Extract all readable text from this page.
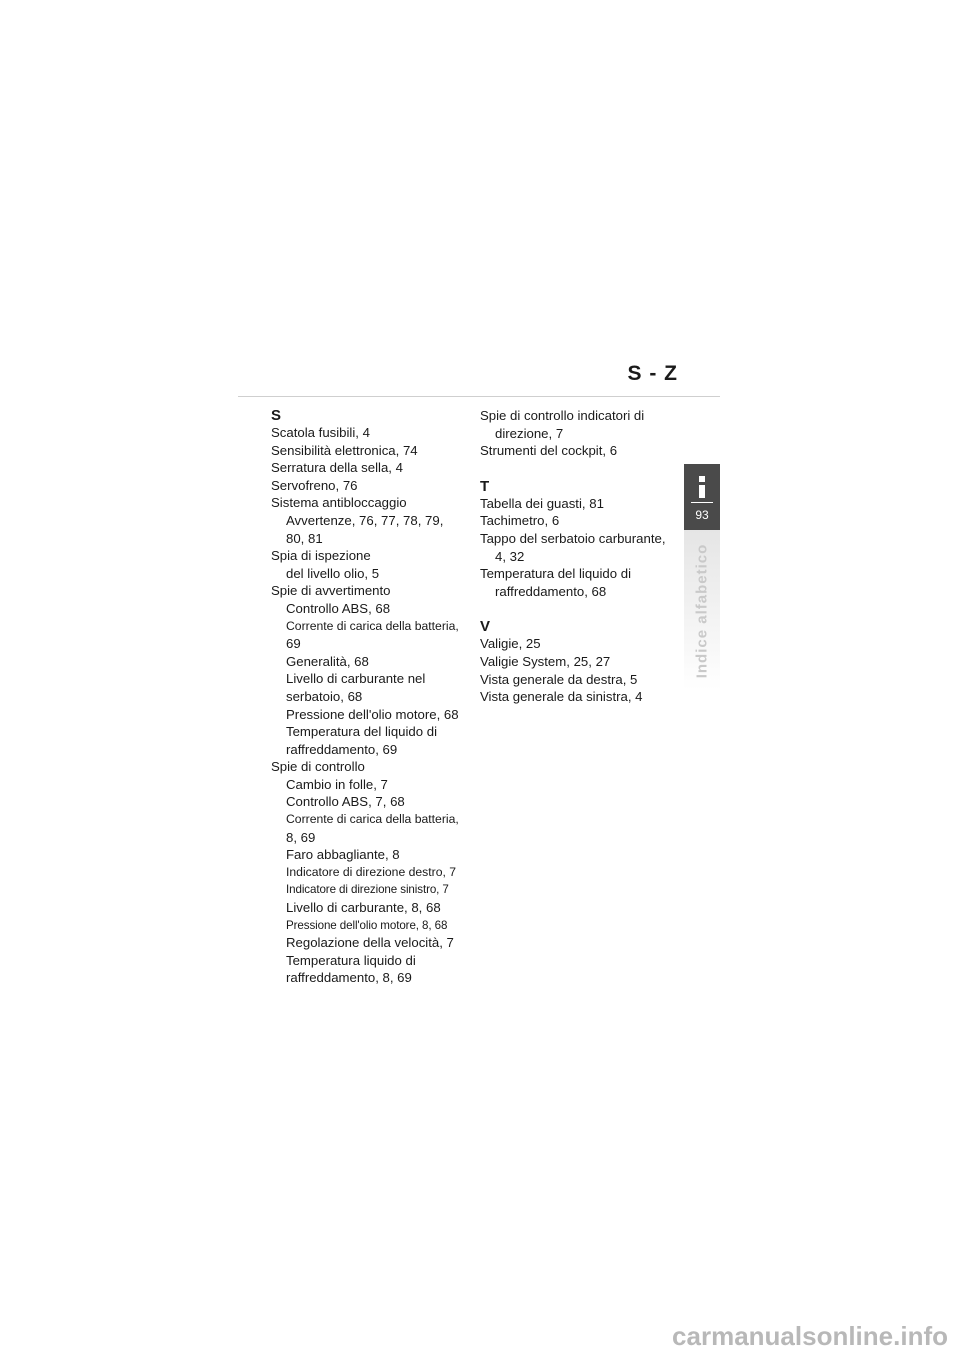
S - Z

S

Scatola fusibili, 4

Sensibilità elettronica, 74

Serratura della sella, 4

Servofreno, 76

Sistema antibloccaggio

Avvertenze, 76, 77, 78, 79,

80, 81

Spia di ispezione

del livello olio, 5

Spie di avvertimento

Controllo ABS, 68

Corrente di carica della batteria,

69

Generalità, 68

Livello di carburante nel

serbatoio, 68

Pressione dell'olio motore, 68

Temperatura del liquido di

raffreddamento, 69

Spie di controllo

Cambio in folle, 7

Controllo ABS, 7, 68

Corrente di carica della batteria,

8, 69

Faro abbagliante, 8

Indicatore di direzione destro, 7

Indicatore di direzione sinistro, 7

Livello di carburante, 8, 68

Pressione dell'olio motore, 8, 68

Regolazione della velocità, 7

Temperatura liquido di

raffreddamento, 8, 69

Spie di controllo indicatori di

direzione, 7

Strumenti del cockpit, 6

T

Tabella dei guasti, 81

Tachimetro, 6

Tappo del serbatoio carburante,

4, 32

Temperatura del liquido di

raffreddamento, 68

V

Valigie, 25

Valigie System, 25, 27

Vista generale da destra, 5

Vista generale da sinistra, 4

93
Indice alfabetico
carmanualsonline.info
